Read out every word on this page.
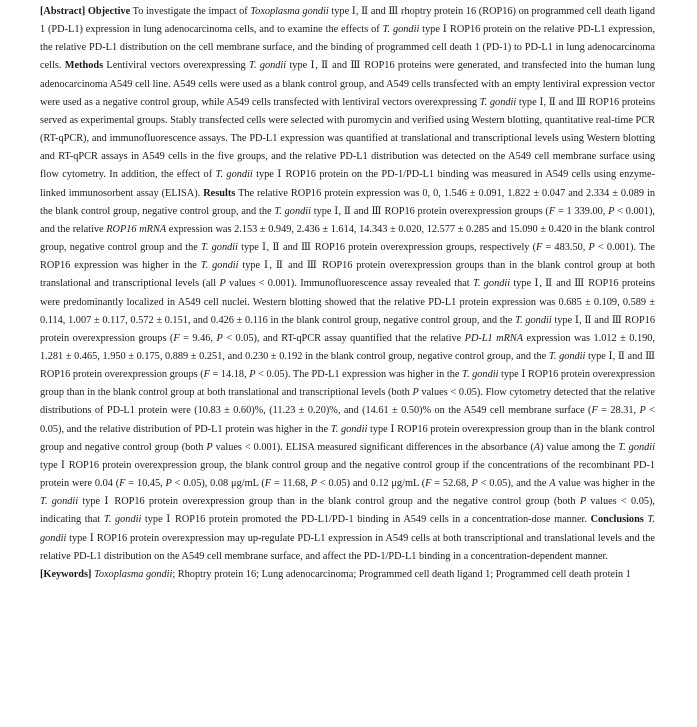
[Abstract] Objective To investigate the impact of Toxoplasma gondii type Ⅰ, Ⅱ and Ⅲ rhoptry protein 16 (ROP16) on programmed cell death ligand 1 (PD-L1) expression in lung adenocarcinoma cells, and to examine the effects of T. gondii type Ⅰ ROP16 protein on the relative PD-L1 expression, the relative PD-L1 distribution on the cell membrane surface, and the binding of programmed cell death 1 (PD-1) to PD-L1 in lung adenocarcinoma cells. Methods Lentiviral vectors overexpressing T. gondii type Ⅰ, Ⅱ and Ⅲ ROP16 proteins were generated, and transfected into the human lung adenocarcinoma A549 cell line. A549 cells were used as a blank control group, and A549 cells transfected with an empty lentiviral expression vector were used as a negative control group, while A549 cells transfected with lentiviral vectors overexpressing T. gondii type Ⅰ, Ⅱ and Ⅲ ROP16 proteins served as experimental groups. Stably transfected cells were selected with puromycin and verified using Western blotting, quantitative real-time PCR (RT-qPCR), and immunofluorescence assays. The PD-L1 expression was quantified at translational and transcriptional levels using Western blotting and RT-qPCR assays in A549 cells in the five groups, and the relative PD-L1 distribution was detected on the A549 cell membrane surface using flow cytometry. In addition, the effect of T. gondii type Ⅰ ROP16 protein on the PD-1/PD-L1 binding was measured in A549 cells using enzyme-linked immunosorbent assay (ELISA). Results The relative ROP16 protein expression was 0, 0, 1.546 ± 0.091, 1.822 ± 0.047 and 2.334 ± 0.089 in the blank control group, negative control group, and the T. gondii type Ⅰ, Ⅱ and Ⅲ ROP16 protein overexpression groups (F = 1 339.00, P < 0.001), and the relative ROP16 mRNA expression was 2.153 ± 0.949, 2.436 ± 1.614, 14.343 ± 0.020, 12.577 ± 0.285 and 15.090 ± 0.420 in the blank control group, negative control group and the T. gondii type Ⅰ, Ⅱ and Ⅲ ROP16 protein overexpression groups, respectively (F = 483.50, P < 0.001). The ROP16 expression was higher in the T. gondii type Ⅰ, Ⅱ and Ⅲ ROP16 protein overexpression groups than in the blank control group at both translational and transcriptional levels (all P values < 0.001). Immunofluorescence assay revealed that T. gondii type Ⅰ, Ⅱ and Ⅲ ROP16 proteins were predominantly localized in A549 cell nuclei. Western blotting showed that the relative PD-L1 protein expression was 0.685 ± 0.109, 0.589 ± 0.114, 1.007 ± 0.117, 0.572 ± 0.151, and 0.426 ± 0.116 in the blank control group, negative control group, and the T. gondii type Ⅰ, Ⅱ and Ⅲ ROP16 protein overexpression groups (F = 9.46, P < 0.05), and RT-qPCR assay quantified that the relative PD-L1 mRNA expression was 1.012 ± 0.190, 1.281 ± 0.465, 1.950 ± 0.175, 0.889 ± 0.251, and 0.230 ± 0.192 in the blank control group, negative control group, and the T. gondii type Ⅰ, Ⅱ and Ⅲ ROP16 protein overexpression groups (F = 14.18, P < 0.05). The PD-L1 expression was higher in the T. gondii type Ⅰ ROP16 protein overexpression group than in the blank control group at both translational and transcriptional levels (both P values < 0.05). Flow cytometry detected that the relative distributions of PD-L1 protein were (10.83 ± 0.60)%, (11.23 ± 0.20)%, and (14.61 ± 0.50)% on the A549 cell membrane surface (F = 28.31, P < 0.05), and the relative distribution of PD-L1 protein was higher in the T. gondii type Ⅰ ROP16 protein overexpression group than in the blank control group and negative control group (both P values < 0.001). ELISA measured significant differences in the absorbance (A) value among the T. gondii type Ⅰ ROP16 protein overexpression group, the blank control group and the negative control group if the concentrations of the recombinant PD-1 protein were 0.04 (F = 10.45, P < 0.05), 0.08 μg/mL (F = 11.68, P < 0.05) and 0.12 μg/mL (F = 52.68, P < 0.05), and the A value was higher in the T. gondii type Ⅰ ROP16 protein overexpression group than in the blank control group and the negative control group (both P values < 0.05), indicating that T. gondii type Ⅰ ROP16 protein promoted the PD-L1/PD-1 binding in A549 cells in a concentration-dose manner. Conclusions T. gondii type Ⅰ ROP16 protein overexpression may up-regulate PD-L1 expression in A549 cells at both transcriptional and translational levels and the relative PD-L1 distribution on the A549 cell membrane surface, and affect the PD-1/PD-L1 binding in a concentration-dependent manner.

[Keywords] Toxoplasma gondii; Rhoptry protein 16; Lung adenocarcinoma; Programmed cell death ligand 1; Programmed cell death protein 1
